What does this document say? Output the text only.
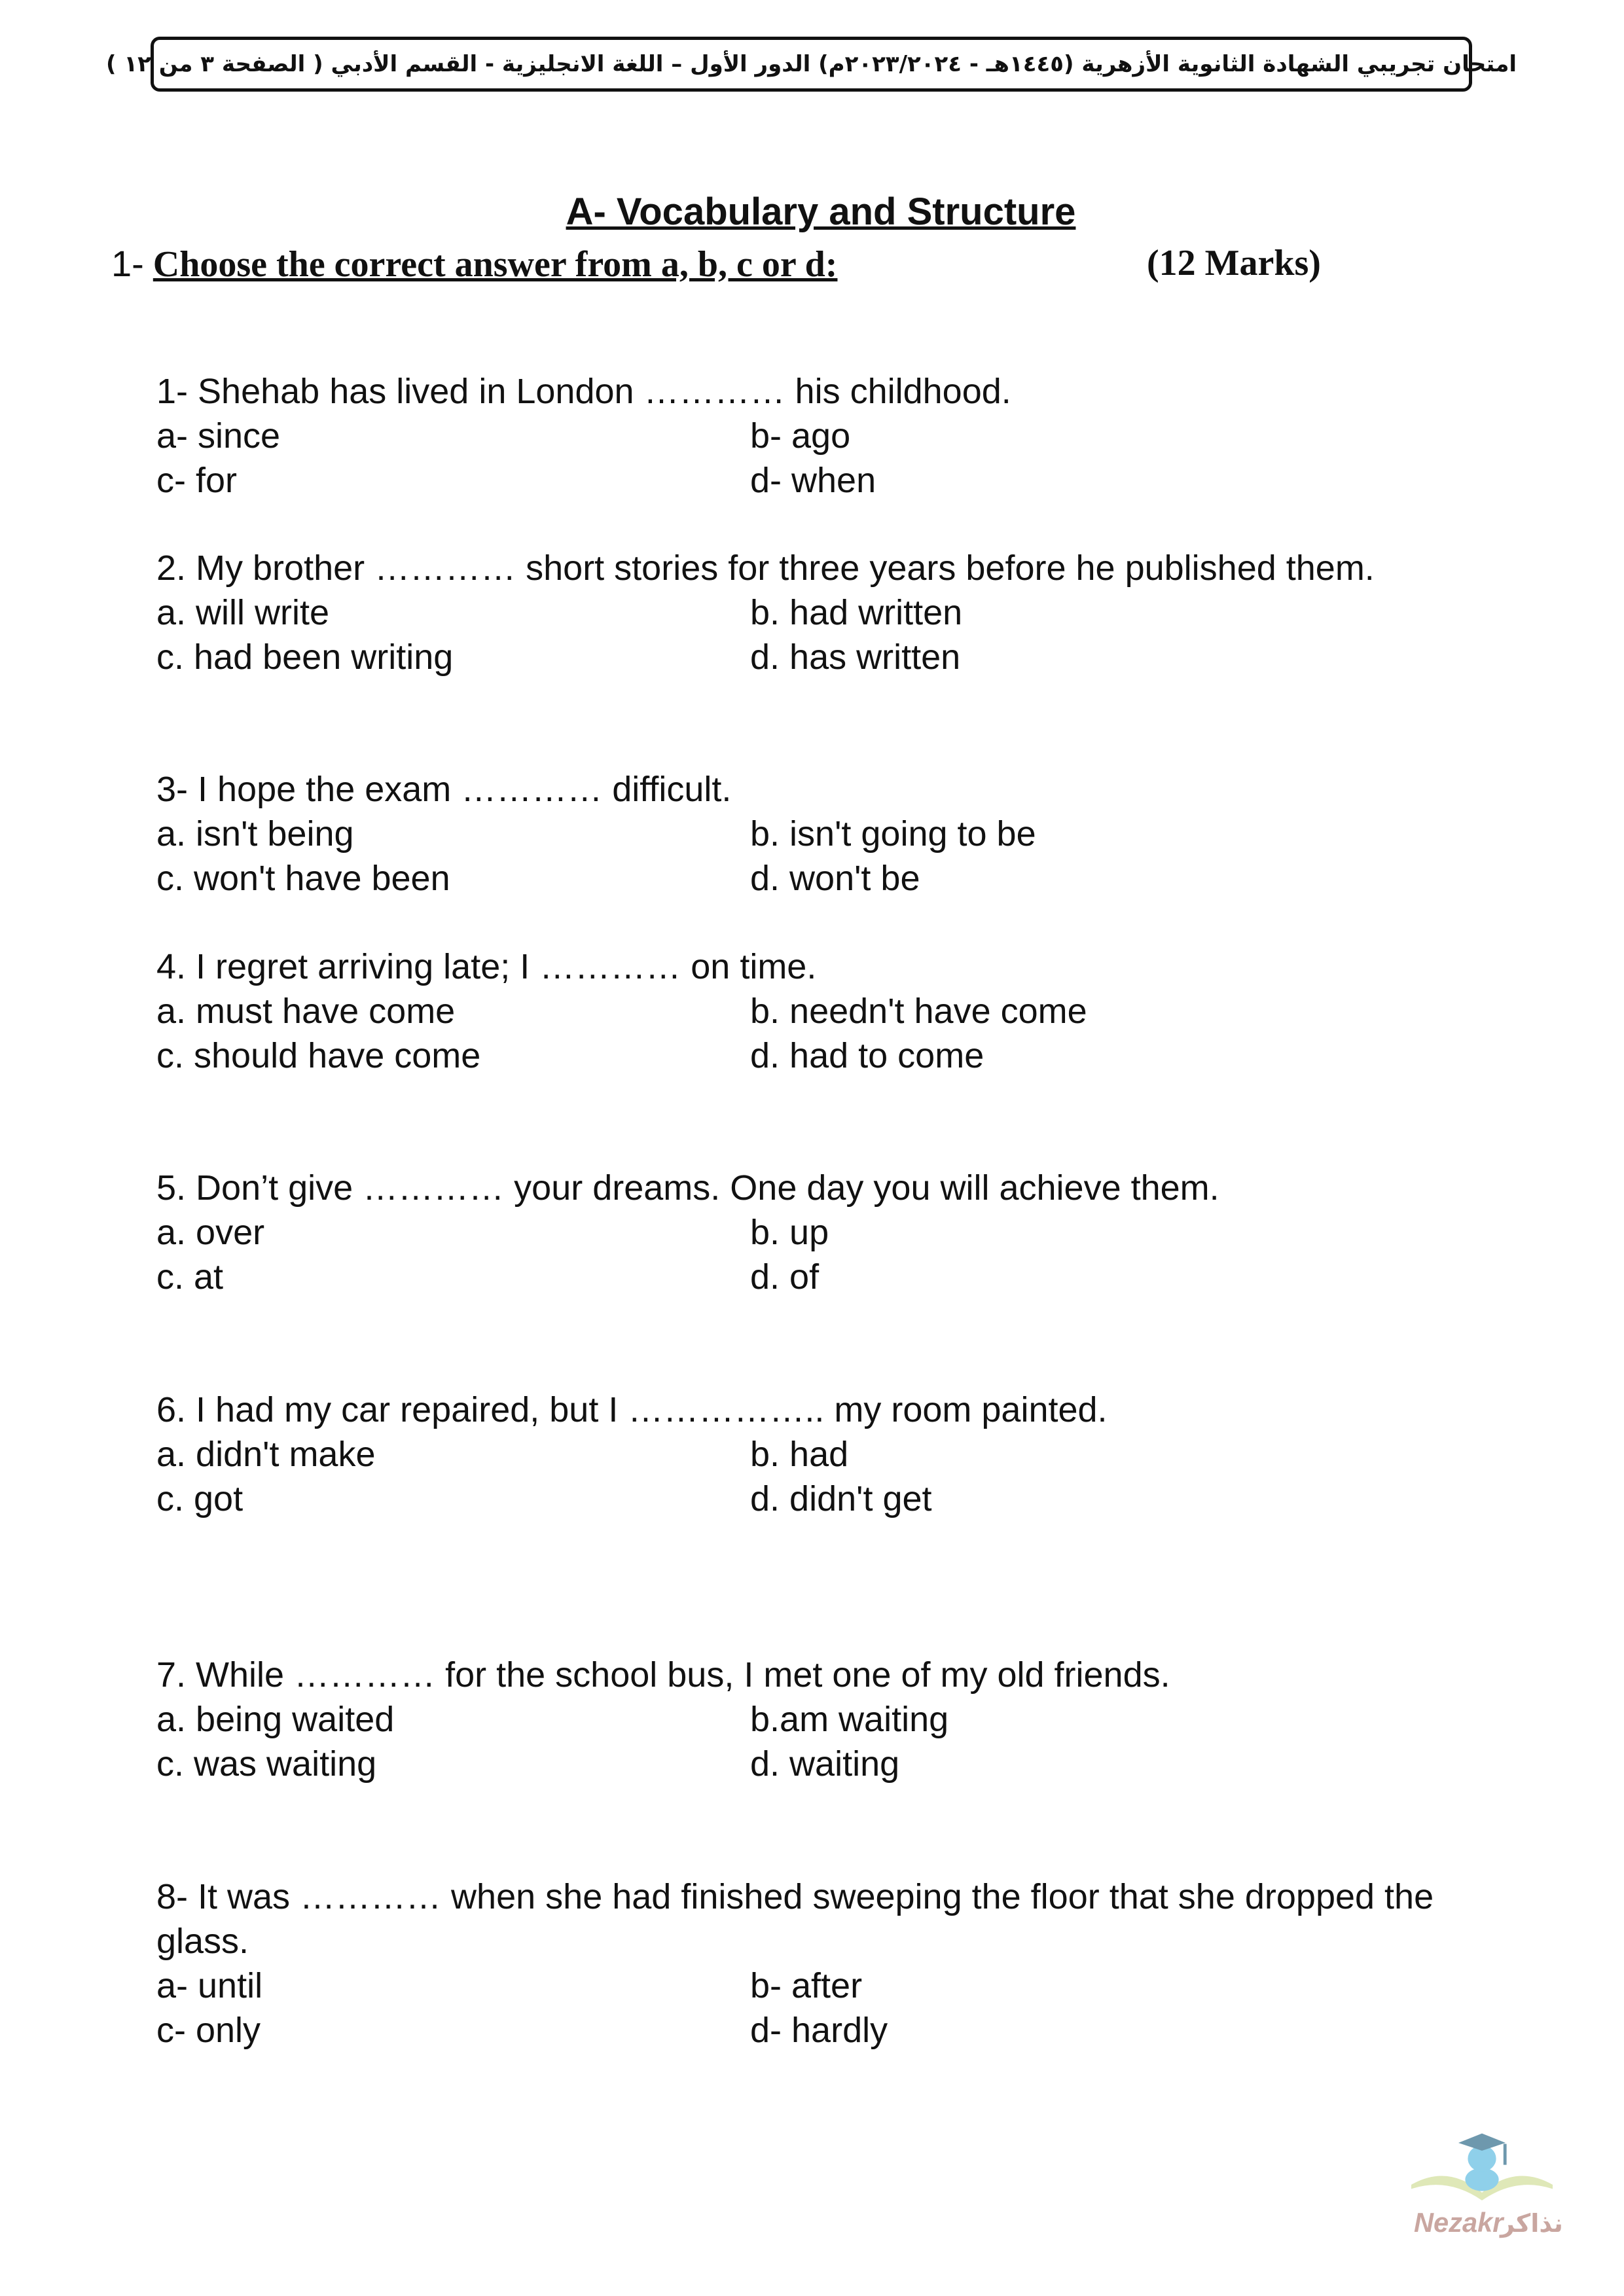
امتحان تجريبي الشهادة الثانوية الأزهرية (١٤٤٥هـ - ٢٠٢٣/٢٠٢٤م) الدور الأول – اللغة الانجليزية - القسم الأدبي ( الصفحة ٣ من ١٢ )
A- Vocabulary and Structure
1- Choose the correct answer from a, b, c or d:	(12 Marks)
1- Shehab has lived in London ………… his childhood.
a- since	b- ago
c- for	d- when
2. My brother ………… short stories for three years before he published them.
a. will write	b. had written
c. had been writing	d. has written
3- I hope the exam ………… difficult.
a. isn't being	b. isn't going to be
c. won't have been	d. won't be
4. I regret arriving late; I ………… on time.
a. must have come	b. needn't have come
c. should have come	d. had to come
5. Don’t give ………… your dreams. One day you will achieve them.
a. over	b. up
c. at	d. of
6. I had my car repaired, but I …………….. my room painted.
a. didn't make	b. had
c. got	d. didn't get
7. While ………… for the school bus, I met one of my old friends.
a. being waited	b.am waiting
c. was waiting	d. waiting
8- It was ………… when she had finished sweeping the floor that she dropped the glass.
a- until	b- after
c- only	d- hardly
Nezakr
نذاكر
